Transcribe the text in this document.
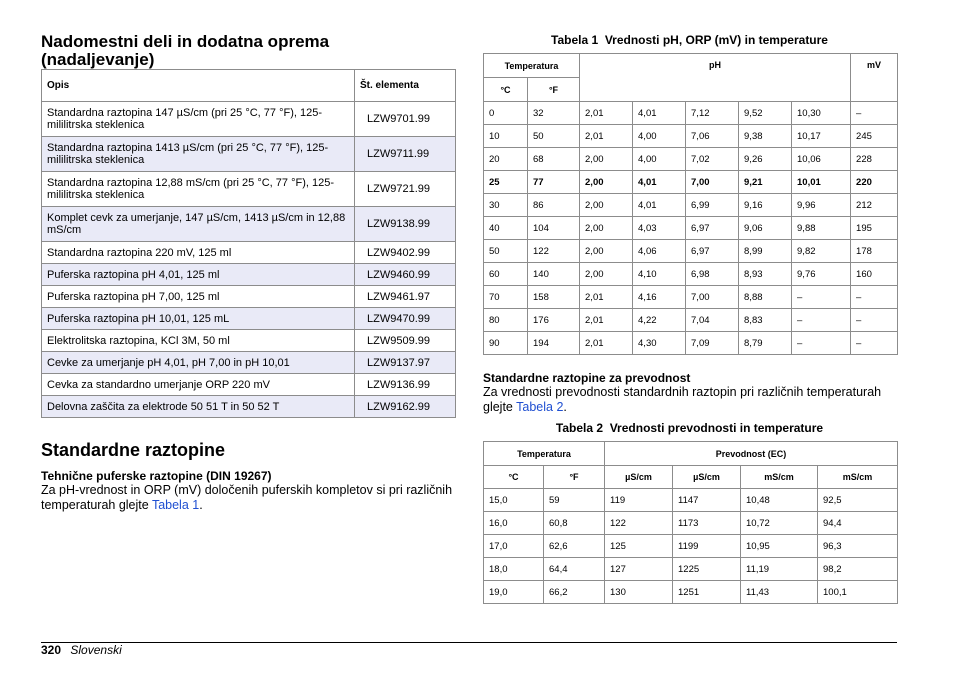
Nadomestni deli in dodatna oprema
(nadaljevanje)
Opis	Št. elementa
Standardna raztopina 147 µS/cm (pri 25 °C, 77 °F), 125-mililitrska steklenica	LZW9701.99
Standardna raztopina 1413 µS/cm (pri 25 °C, 77 °F), 125-mililitrska steklenica	LZW9711.99
Standardna raztopina 12,88 mS/cm (pri 25 °C, 77 °F), 125-mililitrska steklenica	LZW9721.99
Komplet cevk za umerjanje, 147 µS/cm, 1413 µS/cm in 12,88 mS/cm	LZW9138.99
Standardna raztopina 220 mV, 125 ml	LZW9402.99
Puferska raztopina pH 4,01, 125 ml	LZW9460.99
Puferska raztopina pH 7,00, 125 ml	LZW9461.97
Puferska raztopina pH 10,01, 125 mL	LZW9470.99
Elektrolitska raztopina, KCl 3M, 50 ml	LZW9509.99
Cevke za umerjanje pH 4,01, pH 7,00 in pH 10,01	LZW9137.97
Cevka za standardno umerjanje ORP 220 mV	LZW9136.99
Delovna zaščita za elektrode 50 51 T in 50 52 T	LZW9162.99
Standardne raztopine
Tehnične puferske raztopine (DIN 19267)
Za pH-vrednost in ORP (mV) določenih puferskih kompletov si pri različnih temperaturah glejte Tabela 1.
Tabela 1 Vrednosti pH, ORP (mV) in temperature
Temperatura		pH					mV
°C	°F						
0	32	2,01	4,01	7,12	9,52	10,30	–
10	50	2,01	4,00	7,06	9,38	10,17	245
20	68	2,00	4,00	7,02	9,26	10,06	228
25	77	2,00	4,01	7,00	9,21	10,01	220
30	86	2,00	4,01	6,99	9,16	9,96	212
40	104	2,00	4,03	6,97	9,06	9,88	195
50	122	2,00	4,06	6,97	8,99	9,82	178
60	140	2,00	4,10	6,98	8,93	9,76	160
70	158	2,01	4,16	7,00	8,88	–	–
80	176	2,01	4,22	7,04	8,83	–	–
90	194	2,01	4,30	7,09	8,79	–	–
Standardne raztopine za prevodnost
Za vrednosti prevodnosti standardnih raztopin pri različnih temperaturah glejte Tabela 2.
Tabela 2 Vrednosti prevodnosti in temperature
Temperatura		Prevodnost (EC)			
°C	°F	µS/cm	µS/cm	mS/cm	mS/cm
15,0	59	119	1147	10,48	92,5
16,0	60,8	122	1173	10,72	94,4
17,0	62,6	125	1199	10,95	96,3
18,0	64,4	127	1225	11,19	98,2
19,0	66,2	130	1251	11,43	100,1
320 Slovenski
